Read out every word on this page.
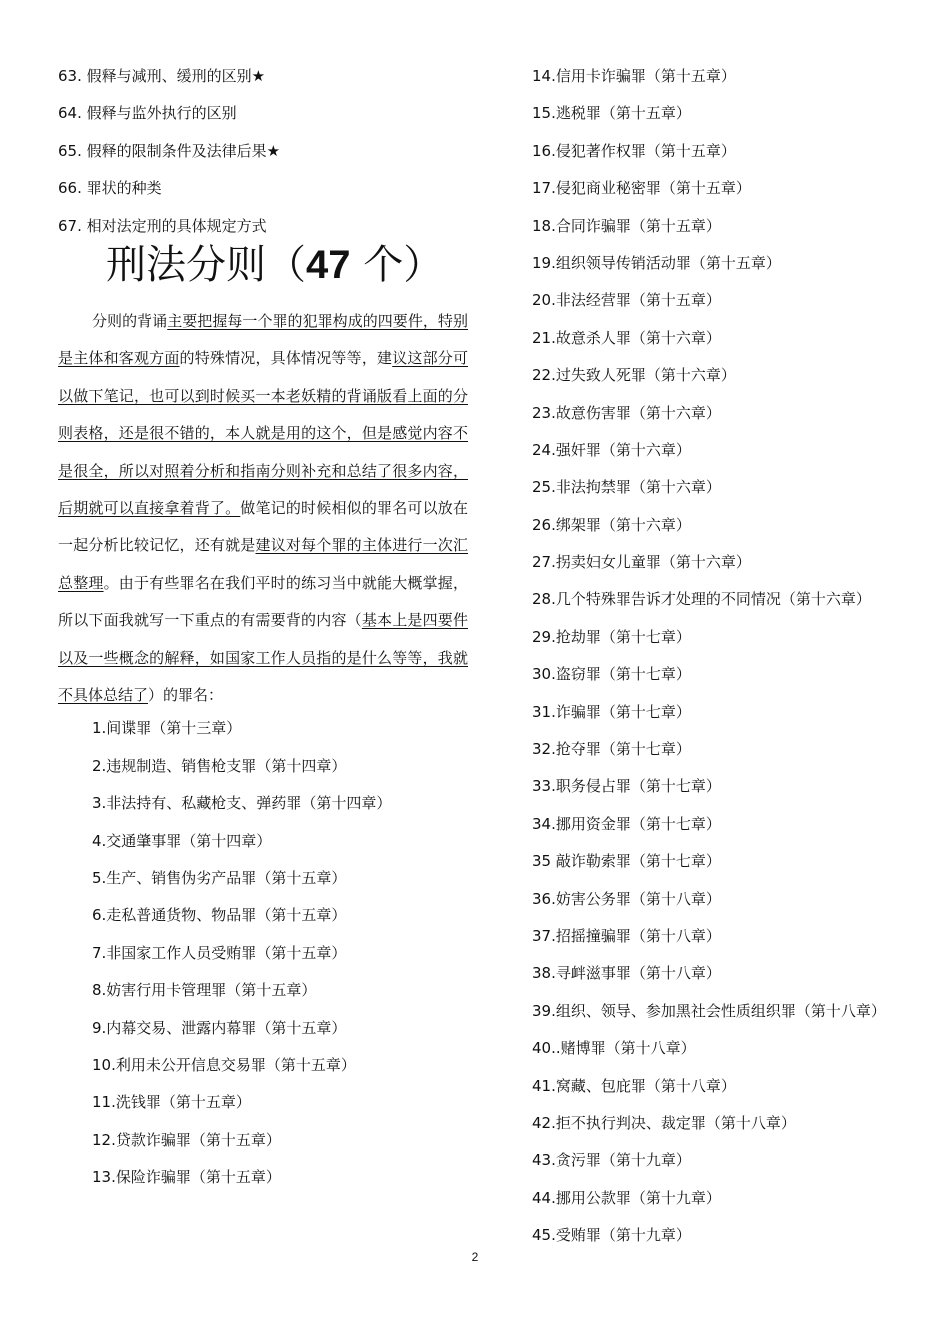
63. 假释与减刑、缓刑的区别★
64. 假释与监外执行的区别
65. 假释的限制条件及法律后果★
66. 罪状的种类
67. 相对法定刑的具体规定方式
刑法分则（47 个）
分则的背诵主要把握每一个罪的犯罪构成的四要件，特别是主体和客观方面的特殊情况，具体情况等等，建议这部分可以做下笔记，也可以到时候买一本老妖精的背诵版看上面的分则表格，还是很不错的，本人就是用的这个，但是感觉内容不是很全，所以对照着分析和指南分则补充和总结了很多内容，后期就可以直接拿着背了。做笔记的时候相似的罪名可以放在一起分析比较记忆，还有就是建议对每个罪的主体进行一次汇总整理。由于有些罪名在我们平时的练习当中就能大概掌握，所以下面我就写一下重点的有需要背的内容（基本上是四要件以及一些概念的解释，如国家工作人员指的是什么等等，我就不具体总结了）的罪名：
1.间谍罪（第十三章）
2.违规制造、销售枪支罪（第十四章）
3.非法持有、私藏枪支、弹药罪（第十四章）
4.交通肇事罪（第十四章）
5.生产、销售伪劣产品罪（第十五章）
6.走私普通货物、物品罪（第十五章）
7.非国家工作人员受贿罪（第十五章）
8.妨害行用卡管理罪（第十五章）
9.内幕交易、泄露内幕罪（第十五章）
10.利用未公开信息交易罪（第十五章）
11.洗钱罪（第十五章）
12.贷款诈骗罪（第十五章）
13.保险诈骗罪（第十五章）
14.信用卡诈骗罪（第十五章）
15.逃税罪（第十五章）
16.侵犯著作权罪（第十五章）
17.侵犯商业秘密罪（第十五章）
18.合同诈骗罪（第十五章）
19.组织领导传销活动罪（第十五章）
20.非法经营罪（第十五章）
21.故意杀人罪（第十六章）
22.过失致人死罪（第十六章）
23.故意伤害罪（第十六章）
24.强奸罪（第十六章）
25.非法拘禁罪（第十六章）
26.绑架罪（第十六章）
27.拐卖妇女儿童罪（第十六章）
28.几个特殊罪告诉才处理的不同情况（第十六章）
29.抢劫罪（第十七章）
30.盗窃罪（第十七章）
31.诈骗罪（第十七章）
32.抢夺罪（第十七章）
33.职务侵占罪（第十七章）
34.挪用资金罪（第十七章）
35 敲诈勒索罪（第十七章）
36.妨害公务罪（第十八章）
37.招摇撞骗罪（第十八章）
38.寻衅滋事罪（第十八章）
39.组织、领导、参加黑社会性质组织罪（第十八章）
40..赌博罪（第十八章）
41.窝藏、包庇罪（第十八章）
42.拒不执行判决、裁定罪（第十八章）
43.贪污罪（第十九章）
44.挪用公款罪（第十九章）
45.受贿罪（第十九章）
2
